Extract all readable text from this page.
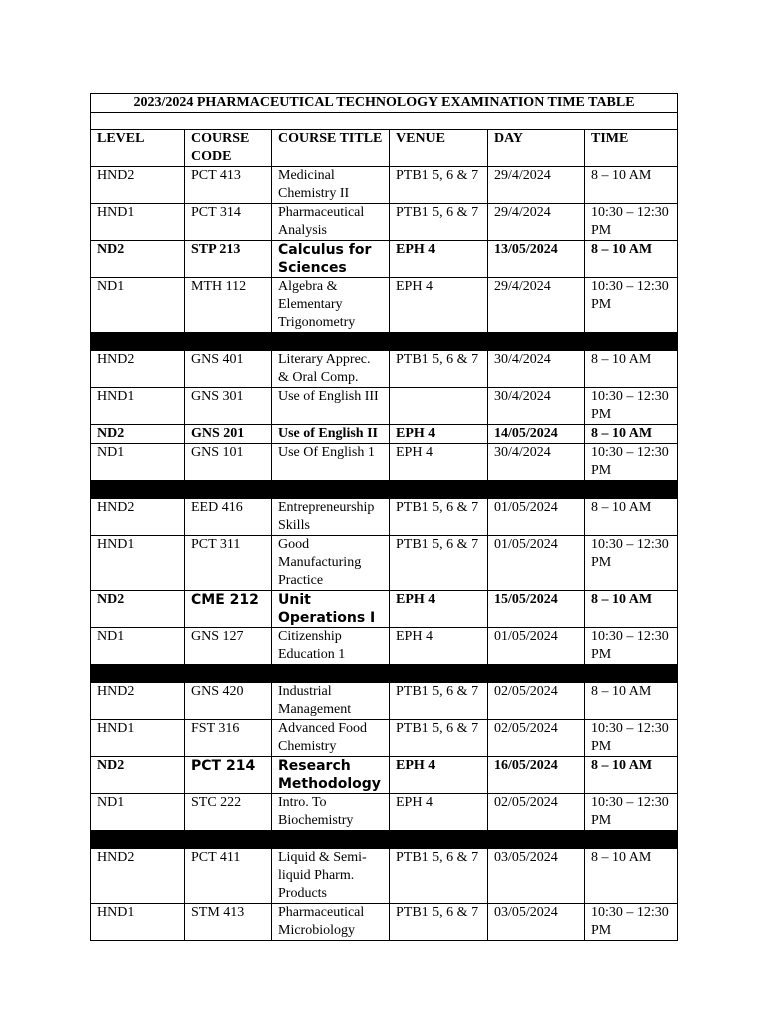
2023/2024 PHARMACEUTICAL TECHNOLOGY EXAMINATION TIME TABLE					

LEVEL	COURSE CODE	COURSE TITLE	VENUE	DAY	TIME
HND2	PCT 413	Medicinal Chemistry II	PTB1 5, 6 & 7	29/4/2024	8 – 10 AM
HND1	PCT 314	Pharmaceutical Analysis	PTB1 5, 6 & 7	29/4/2024	10:30 – 12:30 PM
ND2	STP 213	Calculus for Sciences	EPH 4	13/05/2024	8 – 10 AM
ND1	MTH 112	Algebra & Elementary Trigonometry	EPH 4	29/4/2024	10:30 – 12:30 PM

HND2	GNS 401	Literary Apprec. & Oral Comp.	PTB1 5, 6 & 7	30/4/2024	8 – 10 AM
HND1	GNS 301	Use of English III		30/4/2024	10:30 – 12:30 PM
ND2	GNS 201	Use of English II	EPH 4	14/05/2024	8 – 10 AM
ND1	GNS 101	Use Of English 1	EPH 4	30/4/2024	10:30 – 12:30 PM

HND2	EED 416	Entrepreneurship Skills	PTB1 5, 6 & 7	01/05/2024	8 – 10 AM
HND1	PCT 311	Good Manufacturing Practice	PTB1 5, 6 & 7	01/05/2024	10:30 – 12:30 PM
ND2	CME 212	Unit Operations I	EPH 4	15/05/2024	8 – 10 AM
ND1	GNS 127	Citizenship Education 1	EPH 4	01/05/2024	10:30 – 12:30 PM

HND2	GNS 420	Industrial Management	PTB1 5, 6 & 7	02/05/2024	8 – 10 AM
HND1	FST 316	Advanced Food Chemistry	PTB1 5, 6 & 7	02/05/2024	10:30 – 12:30 PM
ND2	PCT 214	Research Methodology	EPH 4	16/05/2024	8 – 10 AM
ND1	STC 222	Intro. To Biochemistry	EPH 4	02/05/2024	10:30 – 12:30 PM

HND2	PCT 411	Liquid & Semi-liquid Pharm. Products	PTB1 5, 6 & 7	03/05/2024	8 – 10 AM
HND1	STM 413	Pharmaceutical Microbiology	PTB1 5, 6 & 7	03/05/2024	10:30 – 12:30 PM
